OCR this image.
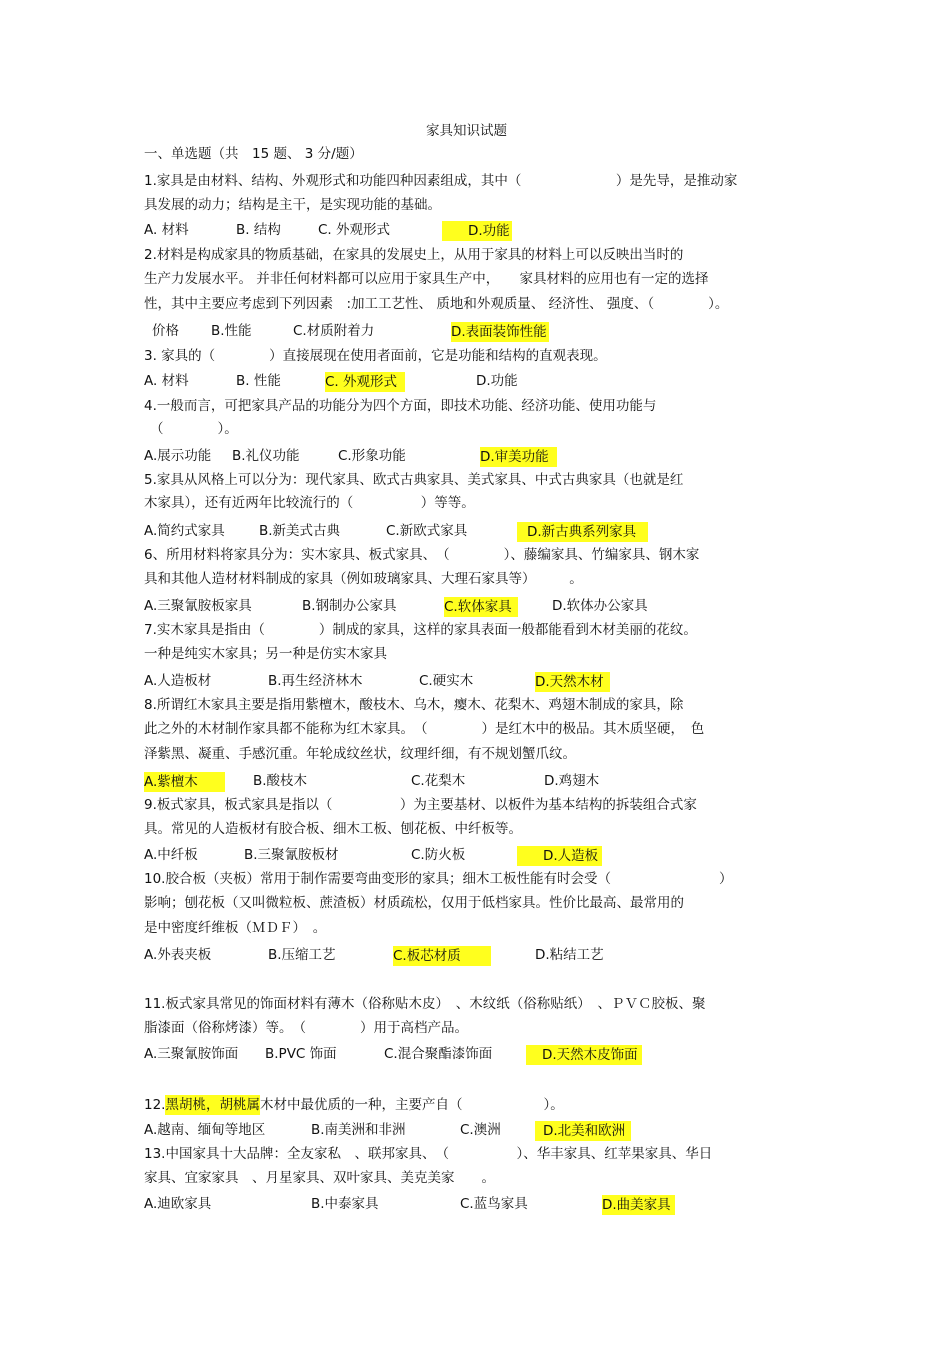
家具知识试题
一、单选题（共　15 题、 3 分/题）
1.家具是由材料、结构、外观形式和功能四种因素组成，其中（　　　　　　　）是先导，是推动家
具发展的动力；结构是主干，是实现功能的基础。
A. 材料	B. 结构	C. 外观形式	D.功能
2.材料是构成家具的物质基础，在家具的发展史上，从用于家具的材料上可以反映出当时的
生产力发展水平。 并非任何材料都可以应用于家具生产中，　　家具材料的应用也有一定的选择
性，其中主要应考虑到下列因素　:加工工艺性、 质地和外观质量、 经济性、 强度、（　　　　）。
价格 B.性能	C.材质附着力	D.表面装饰性能
3. 家具的（　　　　）直接展现在使用者面前，它是功能和结构的直观表现。
A. 材料	B. 性能	C. 外观形式	D.功能
4.一般而言，可把家具产品的功能分为四个方面，即技术功能、经济功能、使用功能与
（　　　　）。
A.展示功能 B.礼仪功能	C.形象功能	D.审美功能
5.家具从风格上可以分为：现代家具、欧式古典家具、美式家具、中式古典家具（也就是红
木家具），还有近两年比较流行的（　　　　　）等等。
A.简约式家具	B.新美式古典	C.新欧式家具	D.新古典系列家具
6、所用材料将家具分为：实木家具、板式家具、　（　　　　）、藤编家具、竹编家具、钢木家
具和其他人造材材料制成的家具（例如玻璃家具、大理石家具等）　　　。
A.三聚氰胺板家具	B.钢制办公家具	C.软体家具	D.软体办公家具
7.实木家具是指由（　　　　）制成的家具，这样的家具表面一般都能看到木材美丽的花纹。
一种是纯实木家具；另一种是仿实木家具
A.人造板材	B.再生经济林木	C.硬实木	D.天然木材
8.所谓红木家具主要是指用紫檀木，酸枝木、乌木，瘿木、花梨木、鸡翅木制成的家具，除
此之外的木材制作家具都不能称为红木家具。　（　　　　）是红木中的极品。其木质坚硬，　色
泽紫黑、凝重、手感沉重。年轮成纹丝状，纹理纤细，有不规划蟹爪纹。
A.紫檀木	B.酸枝木	C.花梨木	D.鸡翅木
9.板式家具，板式家具是指以（　　　　　）为主要基材、以板件为基本结构的拆装组合式家
具。常见的人造板材有胶合板、细木工板、刨花板、中纤板等。
A.中纤板	B.三聚氰胺板材	C.防火板	D.人造板
10.胶合板（夹板）常用于制作需要弯曲变形的家具；细木工板性能有时会受（　　　　　　　　）
影响；刨花板（又叫微粒板、蔗渣板）材质疏松，仅用于低档家具。性价比最高、最常用的
是中密度纤维板（ＭＤＦ）　。
A.外表夹板	B.压缩工艺	C.板芯材质	D.粘结工艺
11.板式家具常见的饰面材料有薄木（俗称贴木皮）　、木纹纸（俗称贴纸）　、ＰＶＣ胶板、聚
脂漆面（俗称烤漆）等。　（　　　　）用于高档产品。
A.三聚氰胺饰面 B.PVC 饰面	C.混合聚酯漆饰面	D.天然木皮饰面
12.黑胡桃，胡桃属木材中最优质的一种，主要产自（　　　　　　）。
A.越南、缅甸等地区	B.南美洲和非洲	C.澳洲	D.北美和欧洲
13.中国家具十大品牌：全友家私　、联邦家具、　（　　　　　）、华丰家具、红苹果家具、华日
家具、宜家家具　、月星家具、双叶家具、美克美家　　。
A.迪欧家具	B.中泰家具	C.蓝鸟家具	D.曲美家具
